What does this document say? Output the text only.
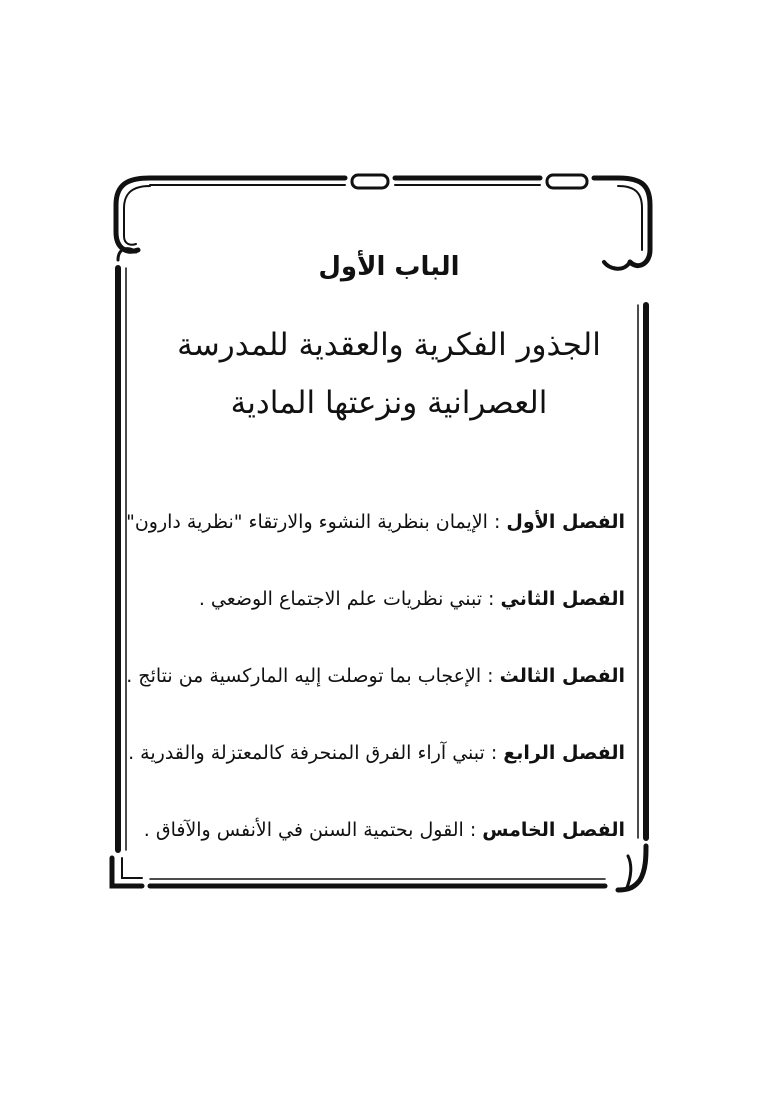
الباب الأول
الجذور الفكرية والعقدية للمدرسة
العصرانية ونزعتها المادية
الفصل الأول : الإيمان بنظرية النشوء والارتقاء "نظرية دارون" .
الفصل الثاني : تبني نظريات علم الاجتماع الوضعي .
الفصل الثالث : الإعجاب بما توصلت إليه الماركسية من نتائج .
الفصل الرابع : تبني آراء الفرق المنحرفة كالمعتزلة والقدرية .
الفصل الخامس : القول بحتمية السنن في الأنفس والآفاق .
